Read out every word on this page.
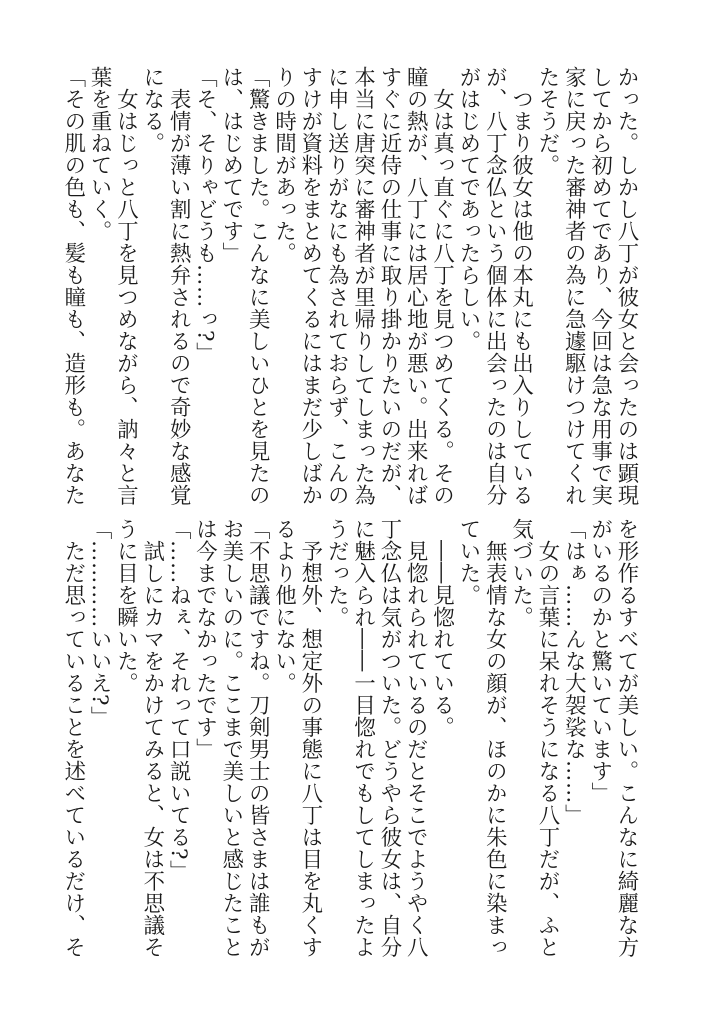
かった。しかし八丁が彼女と会ったのは顕現
してから初めてであり、今回は急な用事で実
家に戻った審神者の為に急遽駆けつけてくれ
たそうだ。
　つまり彼女は他の本丸にも出入りしている
が、八丁念仏という個体に出会ったのは自分
がはじめてであったらしい。
　女は真っ直ぐに八丁を見つめてくる。その
瞳の熱が、八丁には居心地が悪い。出来れば
すぐに近侍の仕事に取り掛かりたいのだが、
本当に唐突に審神者が里帰りしてしまった為
に申し送りがなにも為されておらず、こんの
すけが資料をまとめてくるにはまだ少しばか
りの時間があった。
「驚きました。こんなに美しいひとを見たの
は、はじめてです」
「そ、そりゃどうも……っ?」
　表情が薄い割に熱弁されるので奇妙な感覚
になる。
　女はじっと八丁を見つめながら、訥々と言
葉を重ねていく。
「その肌の色も、髪も瞳も、造形も。あなた
を形作るすべてが美しい。こんなに綺麗な方
がいるのかと驚いています」
「はぁ……んな大袈裟な……」
　女の言葉に呆れそうになる八丁だが、ふと
気づいた。
　無表情な女の顔が、ほのかに朱色に染まっ
ていた。
　――見惚れている。
　見惚れられているのだとそこでようやく八
丁念仏は気がついた。どうやら彼女は、自分
に魅入られ――一目惚れでもしてしまったよ
うだった。
　予想外、想定外の事態に八丁は目を丸くす
るより他にない。
「不思議ですね。刀剣男士の皆さまは誰もが
お美しいのに。ここまで美しいと感じたこと
は今までなかったです」
「……ねぇ、それって口説いてる?」
　試しにカマをかけてみると、女は不思議そ
うに目を瞬いた。
「…………いいえ?」
　ただ思っていることを述べているだけ、そ
